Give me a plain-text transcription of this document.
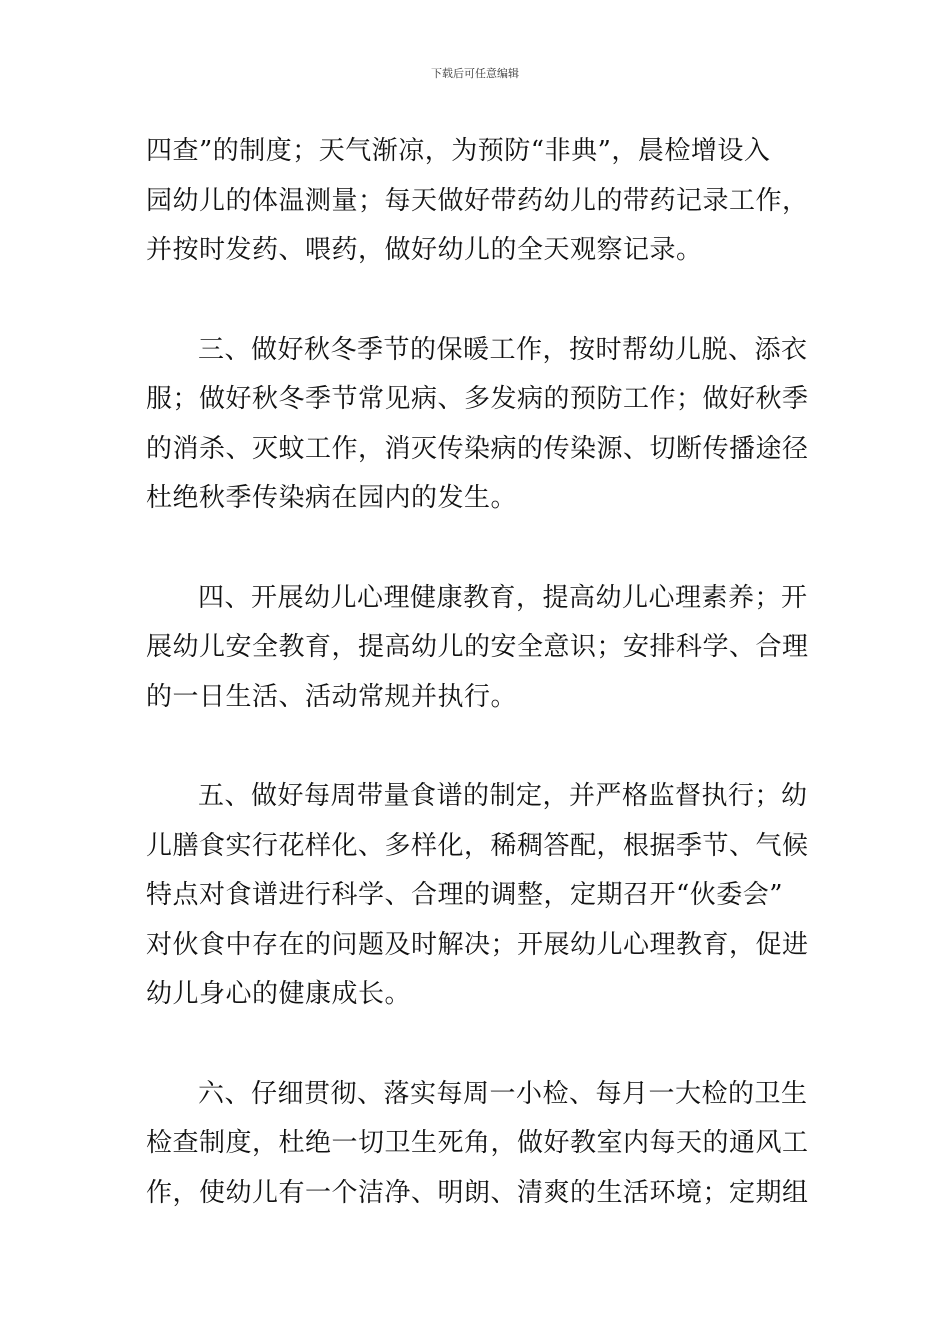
下载后可任意编辑
四查”的制度；天气渐凉，为预防“非典”，晨检增设入
园幼儿的体温测量；每天做好带药幼儿的带药记录工作，
并按时发药、喂药，做好幼儿的全天观察记录。
三、做好秋冬季节的保暖工作，按时帮幼儿脱、添衣
服；做好秋冬季节常见病、多发病的预防工作；做好秋季
的消杀、灭蚊工作，消灭传染病的传染源、切断传播途径
杜绝秋季传染病在园内的发生。
四、开展幼儿心理健康教育，提高幼儿心理素养；开
展幼儿安全教育，提高幼儿的安全意识；安排科学、合理
的一日生活、活动常规并执行。
五、做好每周带量食谱的制定，并严格监督执行；幼
儿膳食实行花样化、多样化，稀稠答配，根据季节、气候
特点对食谱进行科学、合理的调整，定期召开“伙委会”
对伙食中存在的问题及时解决；开展幼儿心理教育，促进
幼儿身心的健康成长。
六、仔细贯彻、落实每周一小检、每月一大检的卫生
检查制度，杜绝一切卫生死角，做好教室内每天的通风工
作，使幼儿有一个洁净、明朗、清爽的生活环境；定期组
